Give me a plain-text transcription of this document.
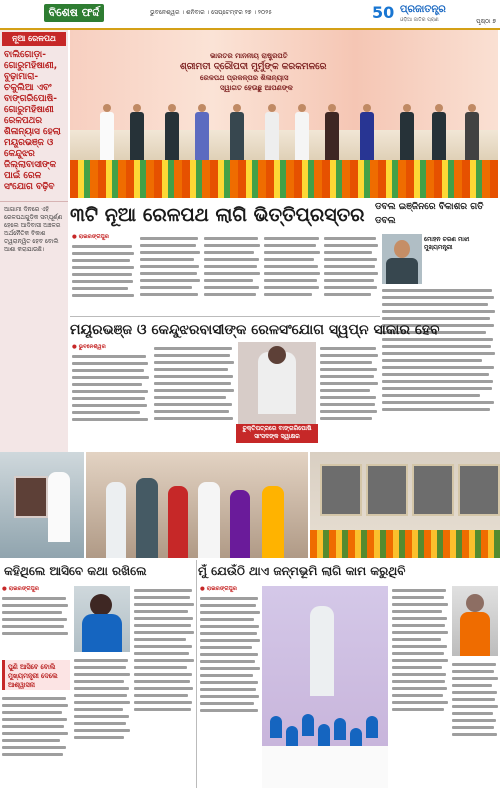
ବିଶେଷ ଫର୍ଦ୍ଦ	ଭୁବନେଶ୍ୱର । ଶନିବାର । ସେପ୍ଟେମ୍ବର ୨୭ । ୨୦୨୫	50 ପ୍ରଜାତନ୍ତ୍ର
ଓଡ଼ିଆ ଜାତିର ପ୍ରାଣ	ପୃଷ୍ଠା ୭
ନୂଆ ରେଳପଥ
ବାଲିଗୋଡ଼ା-ଗୋରୁମହିଷାଣୀ, ବୁଢ଼ାମାରା-ଚକୁଲିଆ ଏବଂ ବାଙ୍ଗରିପୋଷି-ଗୋରୁମହିଷାଣୀ ରେଳପଥର ଶିଳାନ୍ୟାସ ହେଲା ମୟୂରଭଞ୍ଜ ଓ କେନ୍ଦୁଝର ଜିଲ୍ଲାବାସୀଙ୍କ ପାଇଁ ରେଳ ସଂଯୋଗ ବଢ଼ିବ
ଆଗାମୀ ଦିନରେ ଏହି ରେଳପଥଗୁଡ଼ିକ ସମ୍ପୂର୍ଣ୍ଣ ହେଲେ ଆଦିବାସୀ ଅଞ୍ଚଳର ଅର୍ଥନୈତିକ ବିକାଶ ତ୍ୱରାନ୍ୱିତ ହେବ ବୋଲି ଆଶା କରାଯାଉଛି।
ଭାରତର ମାନନୀୟ ରାଷ୍ଟ୍ରପତି
ଶ୍ରୀମତୀ ଦ୍ରୌପଦୀ ମୁର୍ମୁଙ୍କ କରକମଳରେ
ରେଳପଥ ପ୍ରକଳ୍ପର ଶିଳାନ୍ୟାସ
ସ୍ୱାଗତ ହେଉଛୁ ଆପଣଙ୍କ
୩ଟି ନୂଆ ରେଳପଥ ଲାଗି ଭିତ୍ତିପ୍ରସ୍ତର	ଡବଲ ଇଞ୍ଜିନରେ ବିକାଶର ଗତି ଡବଲ
● ରାଇରଙ୍ଗପୁର	ମୋହନ ଚରଣ ମାଝୀ ମୁଖ୍ୟମନ୍ତ୍ରୀ
ମୟୂରଭଞ୍ଜ ଓ କେନ୍ଦୁଝରବାସୀଙ୍କ ରେଳସଂଯୋଗ ସ୍ୱପ୍ନ ସାକାର ହେବ
● ଭୁବନେଶ୍ୱର
ଚୁକ୍ତିପତ୍ରରେ ବାଙ୍ଗରିପୋଷି ସାଂସଦଙ୍କ ସ୍ୱାକ୍ଷର
କହିଥିଲେ ଆସିବେ କଥା ରଖିଲେ
● ରାଇରଙ୍ଗପୁର
ପୁଣି ଆସିବେ ବୋଲି ମୁଖ୍ୟମନ୍ତ୍ରୀ ଦେଲେ ଆଶ୍ୱାସନା
ମୁଁ ଯେଉଁଠି ଥାଏ ଜନ୍ମଭୂମି ଲାଗି କାମ କରୁଥିବି
● ରାଇରଙ୍ଗପୁର
